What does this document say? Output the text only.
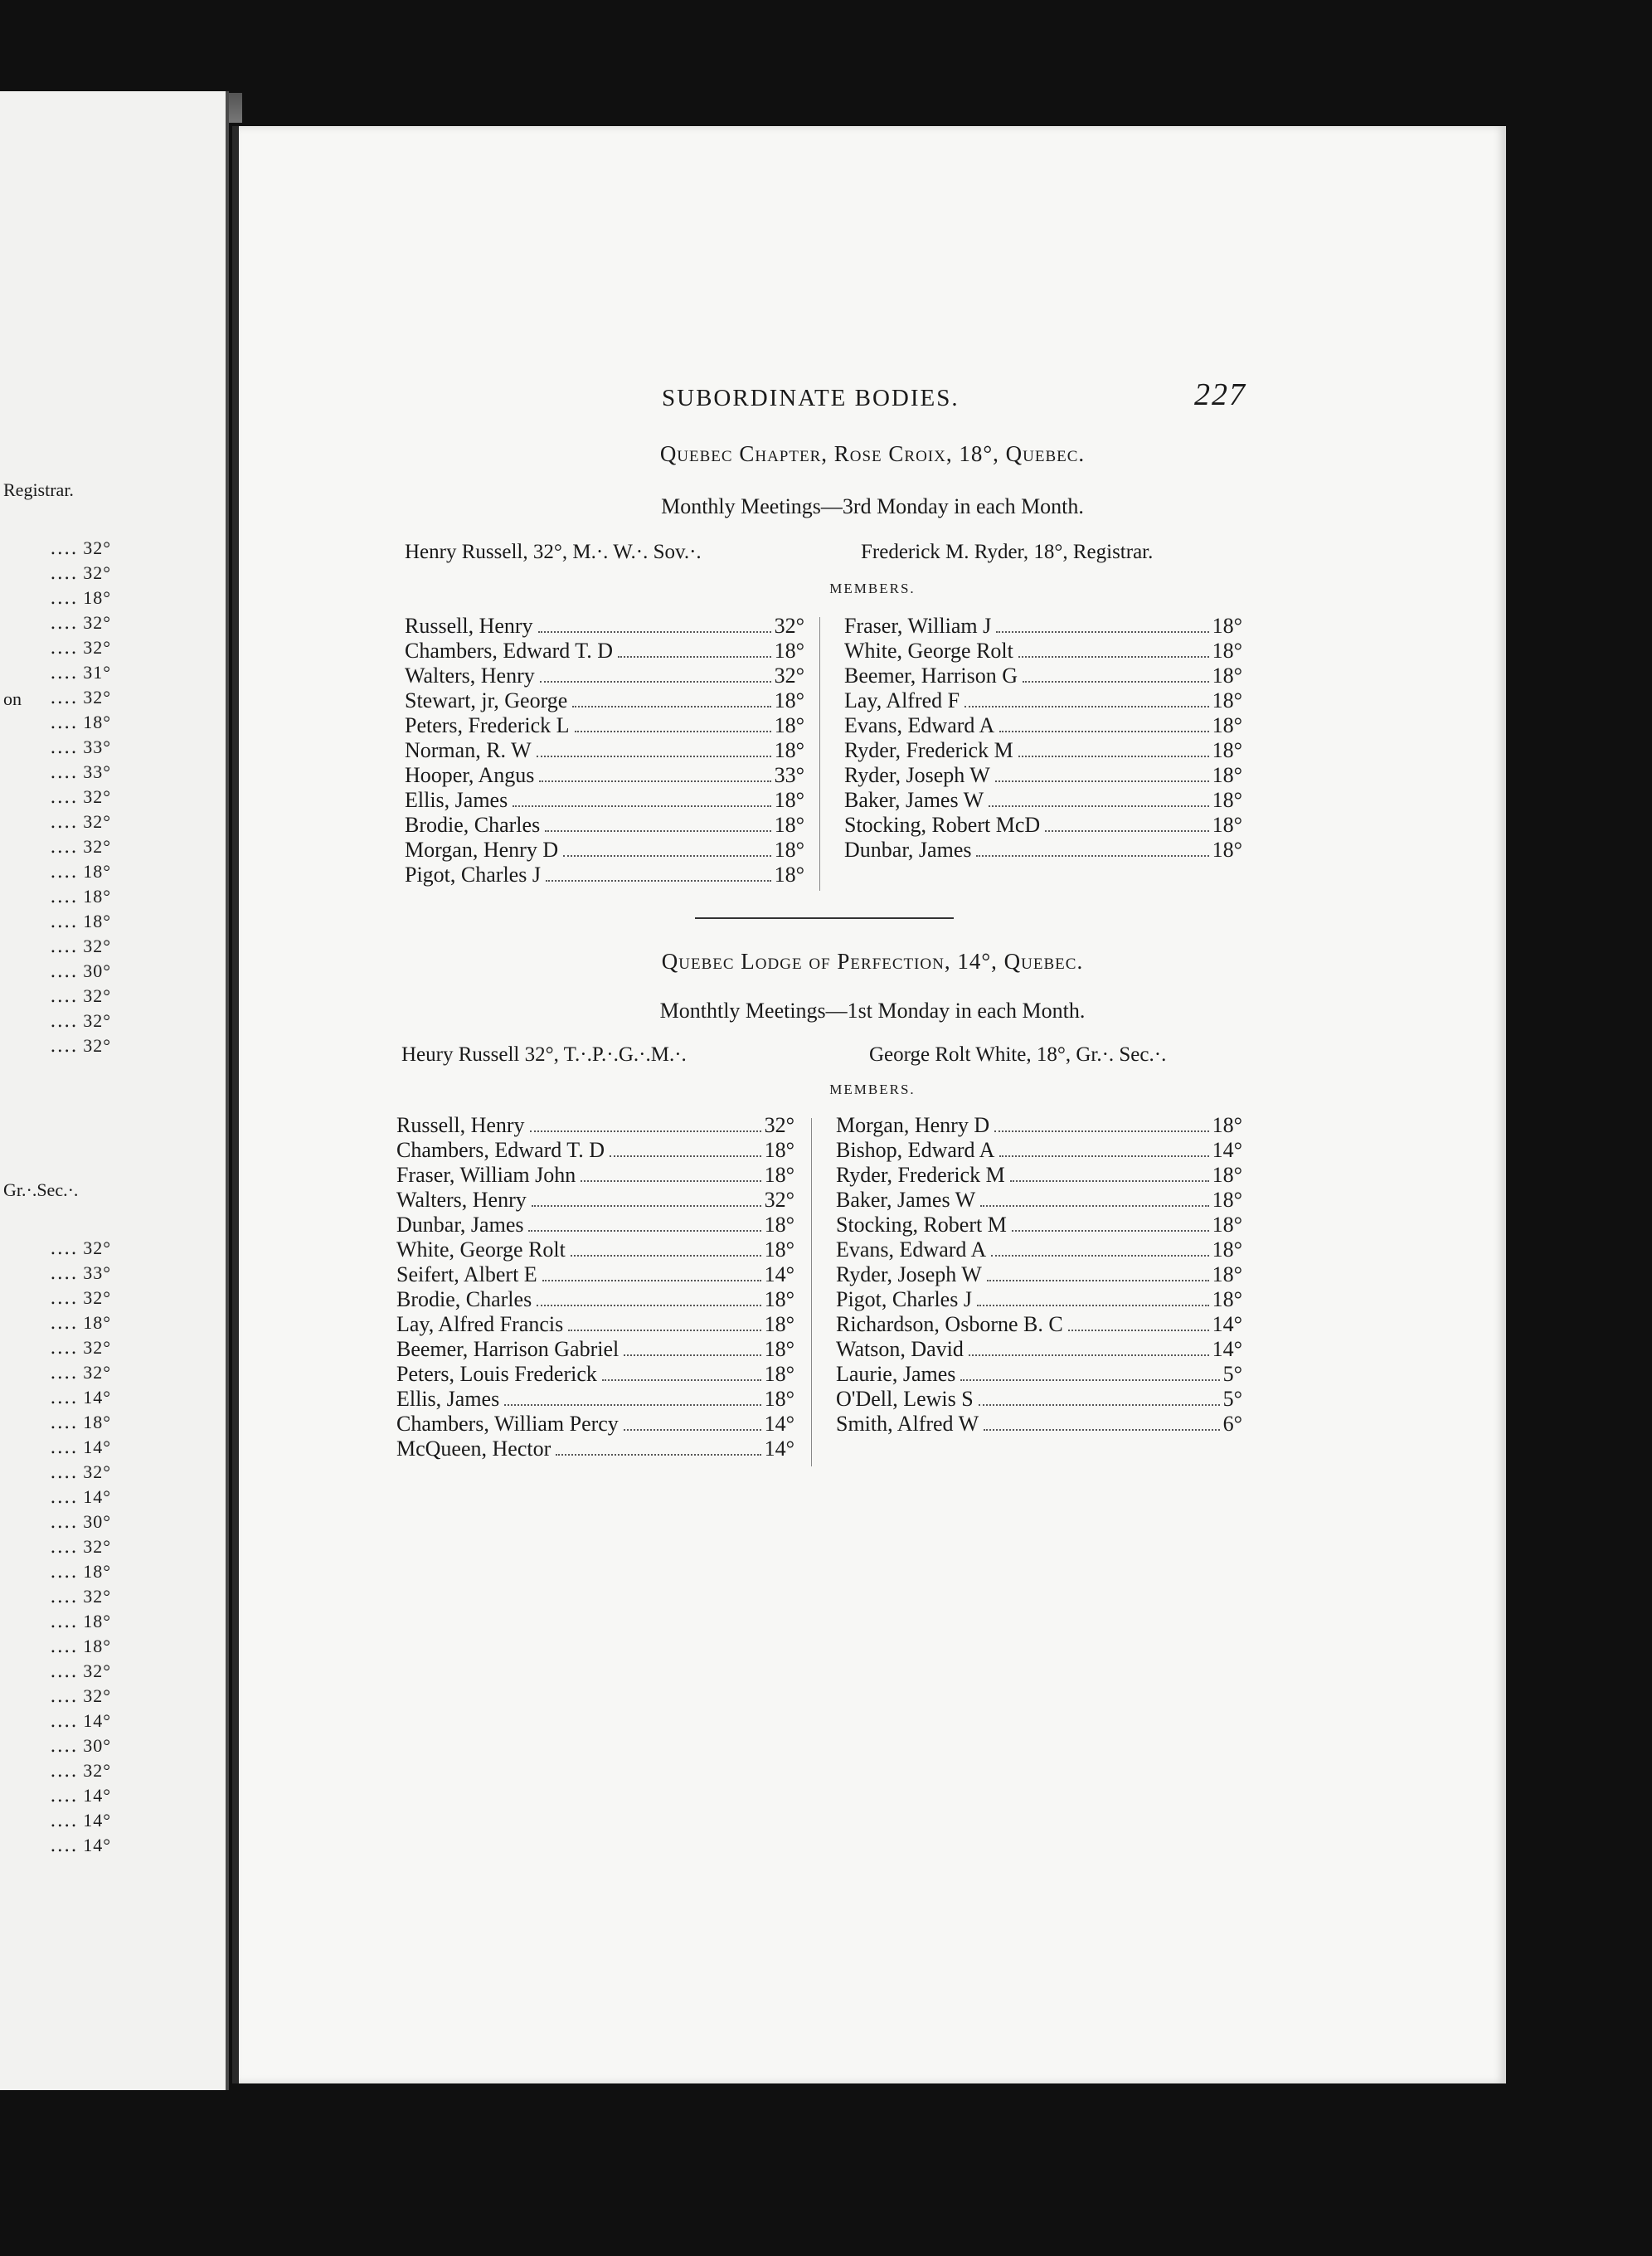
Registrar.
on
Gr.·.Sec.·.
․․․․ 32°
․․․․ 32°
․․․․ 18°
․․․․ 32°
․․․․ 32°
․․․․ 31°
․․․․ 32°
․․․․ 18°
․․․․ 33°
․․․․ 33°
․․․․ 32°
․․․․ 32°
․․․․ 32°
․․․․ 18°
․․․․ 18°
․․․․ 18°
․․․․ 32°
․․․․ 30°
․․․․ 32°
․․․․ 32°
․․․․ 32°
․․․․ 32°
․․․․ 33°
․․․․ 32°
․․․․ 18°
․․․․ 32°
․․․․ 32°
․․․․ 14°
․․․․ 18°
․․․․ 14°
․․․․ 32°
․․․․ 14°
․․․․ 30°
․․․․ 32°
․․․․ 18°
․․․․ 32°
․․․․ 18°
․․․․ 18°
․․․․ 32°
․․․․ 32°
․․․․ 14°
․․․․ 30°
․․․․ 32°
․․․․ 14°
․․․․ 14°
․․․․ 14°
SUBORDINATE BODIES.	227
Quebec Chapter, Rose Croix, 18°, Quebec.
Monthly Meetings—3rd Monday in each Month.
Henry Russell, 32°, M.·. W.·. Sov.·.	Frederick M. Ryder, 18°, Registrar.
MEMBERS.
Russell, Henry	32°
Chambers, Edward T. D	18°
Walters, Henry	32°
Stewart, jr, George	18°
Peters, Frederick L	18°
Norman, R. W	18°
Hooper, Angus	33°
Ellis, James	18°
Brodie, Charles	18°
Morgan, Henry D	18°
Pigot, Charles J	18°
Fraser, William J	18°
White, George Rolt	18°
Beemer, Harrison G	18°
Lay, Alfred F	18°
Evans, Edward A	18°
Ryder, Frederick M	18°
Ryder, Joseph W	18°
Baker, James W	18°
Stocking, Robert McD	18°
Dunbar, James	18°
Quebec Lodge of Perfection, 14°, Quebec.
Monthtly Meetings—1st Monday in each Month.
Heury Russell 32°, T.·.P.·.G.·.M.·.	George Rolt White, 18°, Gr.·. Sec.·.
MEMBERS.
Russell, Henry	32°
Chambers, Edward T. D	18°
Fraser, William John	18°
Walters, Henry	32°
Dunbar, James	18°
White, George Rolt	18°
Seifert, Albert E	14°
Brodie, Charles	18°
Lay, Alfred Francis	18°
Beemer, Harrison Gabriel	18°
Peters, Louis Frederick	18°
Ellis, James	18°
Chambers, William Percy	14°
McQueen, Hector	14°
Morgan, Henry D	18°
Bishop, Edward A	14°
Ryder, Frederick M	18°
Baker, James W	18°
Stocking, Robert M	18°
Evans, Edward A	18°
Ryder, Joseph W	18°
Pigot, Charles J	18°
Richardson, Osborne B. C	14°
Watson, David	14°
Laurie, James	5°
O'Dell, Lewis S	5°
Smith, Alfred W	6°
